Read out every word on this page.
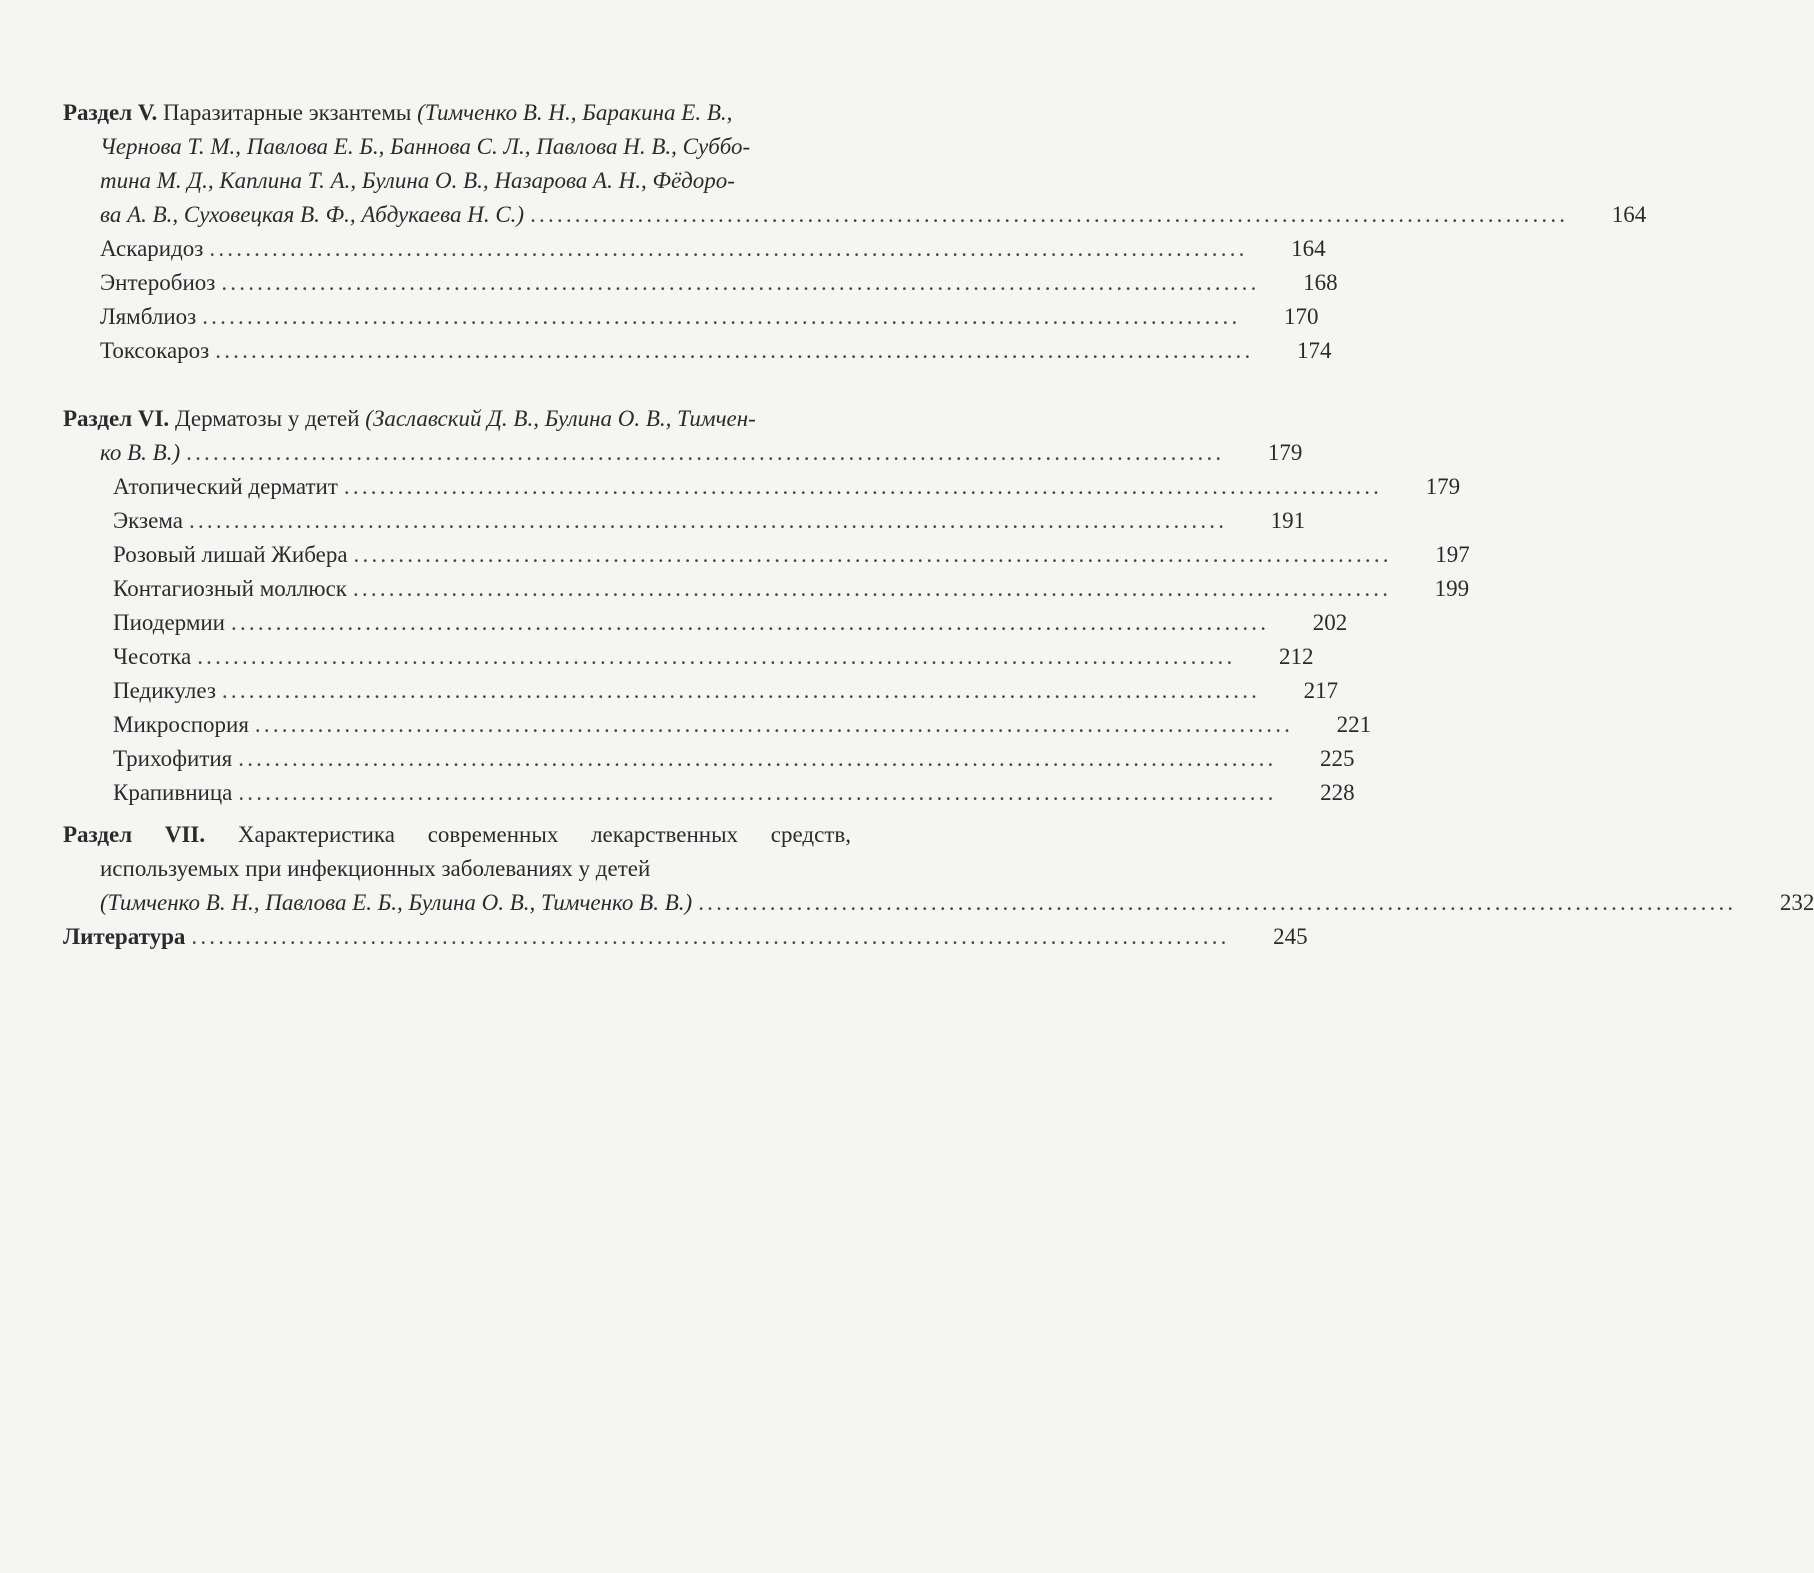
Раздел V. Паразитарные экзантемы (Тимченко В. Н., Баракина Е. В.,
Чернова Т. М., Павлова Е. Б., Баннова С. Л., Павлова Н. В., Суббо-
тина М. Д., Каплина Т. А., Булина О. В., Назарова А. Н., Фёдоро-
ва А. В., Суховецкая В. Ф., Абдукаева Н. С.) ....................................................................................................................	164
Аскаридоз ....................................................................................................................	164
Энтеробиоз ....................................................................................................................	168
Лямблиоз ....................................................................................................................	170
Токсокароз ....................................................................................................................	174
Раздел VI. Дерматозы у детей (Заславский Д. В., Булина О. В., Тимчен-
ко В. В.) ....................................................................................................................	179
Атопический дерматит ....................................................................................................................	179
Экзема ....................................................................................................................	191
Розовый лишай Жибера ....................................................................................................................	197
Контагиозный моллюск ....................................................................................................................	199
Пиодермии ....................................................................................................................	202
Чесотка ....................................................................................................................	212
Педикулез ....................................................................................................................	217
Микроспория ....................................................................................................................	221
Трихофития ....................................................................................................................	225
Крапивница ....................................................................................................................	228
Раздел VII. Характеристика современных лекарственных средств,
используемых при инфекционных заболеваниях у детей
(Тимченко В. Н., Павлова Е. Б., Булина О. В., Тимченко В. В.) ....................................................................................................................	232
Литература ....................................................................................................................	245
